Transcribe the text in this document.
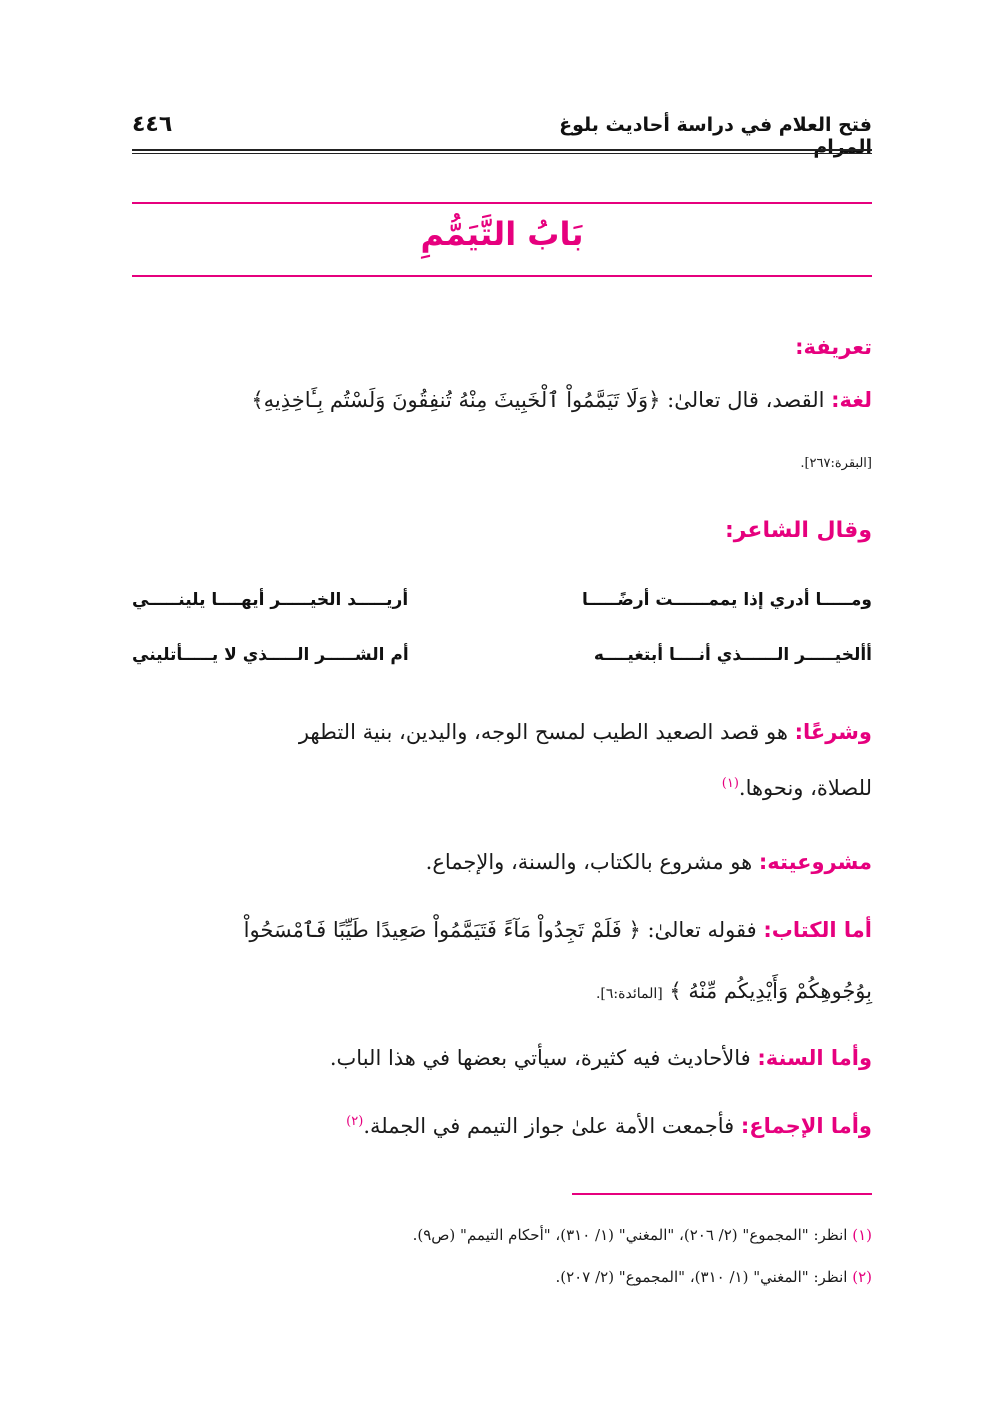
فتح العلام في دراسة أحاديث بلوغ المرام
٤٤٦
بَابُ التَّيَمُّمِ
تعريفة:
لغة: القصد، قال تعالىٰ: ﴿وَلَا تَيَمَّمُواْ ٱلْخَبِيثَ مِنْهُ تُنفِقُونَ وَلَسْتُم بِـَٔاخِذِيهِ﴾
[البقرة:٢٦٧].
وقال الشاعر:
ومـــــا أدري إذا يممــــــت أرضًـــــا
أريـــــد الخيـــــر أيهــــا يلينـــــي
أألخيـــــر الــــــذي أنــــا أبتغيــــه
أم الشـــــر الـــــذي لا يـــــأتليني
وشرعًا: هو قصد الصعيد الطيب لمسح الوجه، واليدين، بنية التطهر
للصلاة، ونحوها.$^{(١)}$
مشروعيته: هو مشروع بالكتاب، والسنة، والإجماع.
أما الكتاب: فقوله تعالىٰ: ﴿ فَلَمْ تَجِدُواْ مَآءً فَتَيَمَّمُواْ صَعِيدًا طَيِّبًا فَٱمْسَحُواْ
بِوُجُوهِكُمْ وَأَيْدِيكُم مِّنْهُ ﴾ [المائدة:٦].
وأما السنة: فالأحاديث فيه كثيرة، سيأتي بعضها في هذا الباب.
وأما الإجماع: فأجمعت الأمة علىٰ جواز التيمم في الجملة.$^{(٢)}$
(١) انظر: "المجموع" (٢/ ٢٠٦)، "المغني" (١/ ٣١٠)، "أحكام التيمم" (ص٩).
(٢) انظر: "المغني" (١/ ٣١٠)، "المجموع" (٢/ ٢٠٧).
